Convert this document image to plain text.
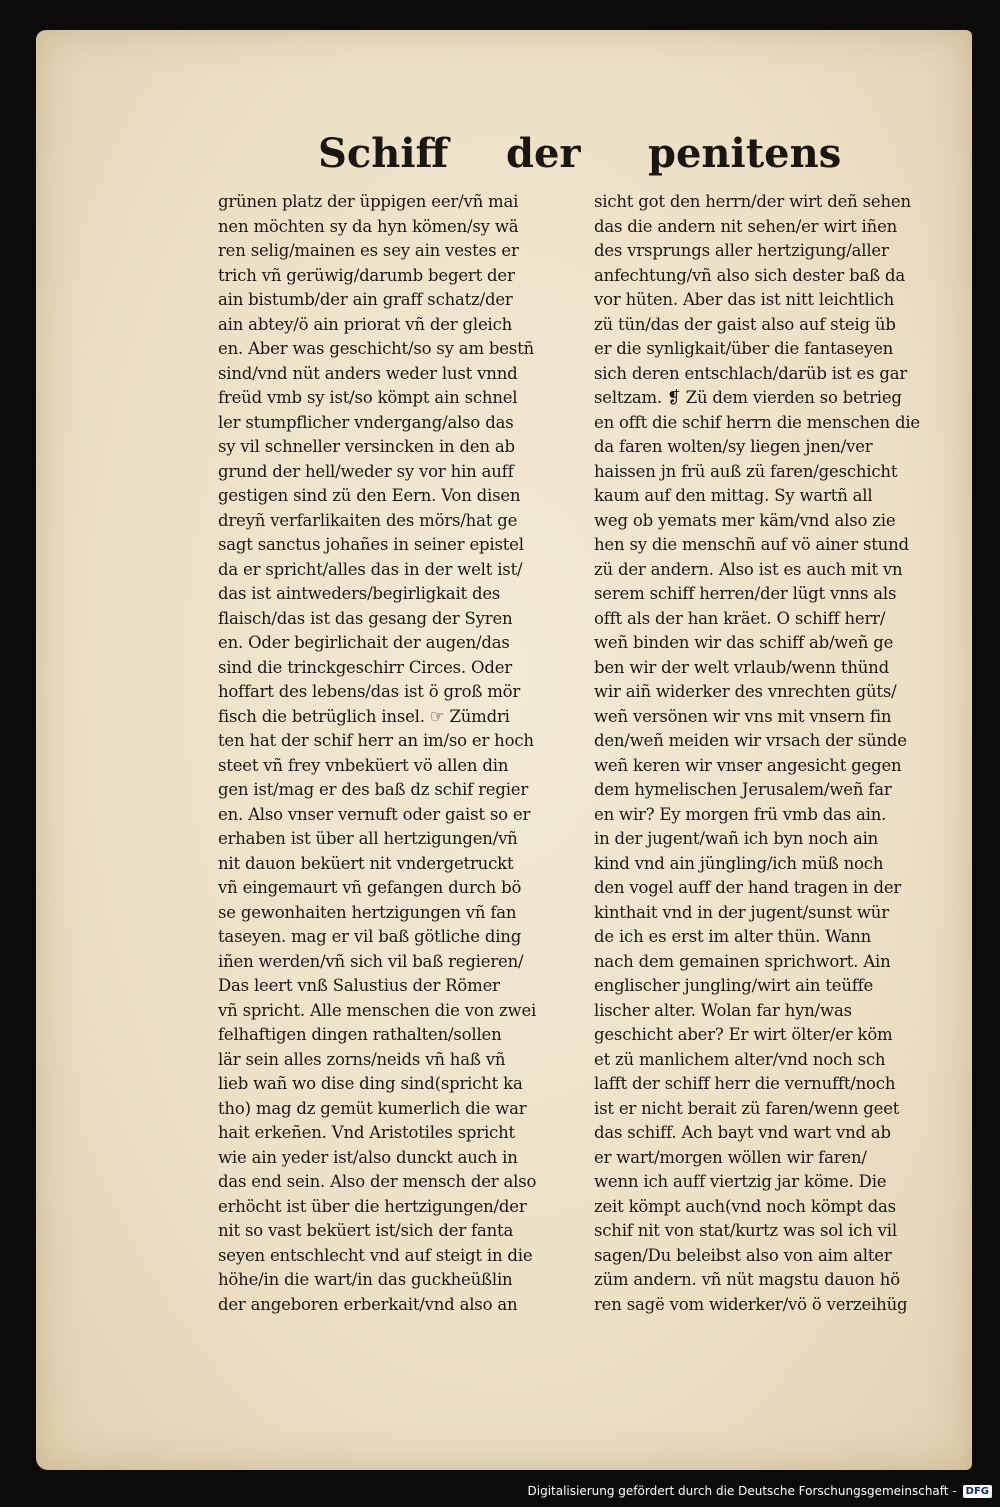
Schiff der penitens
grünen platz der üppigen eer/vñ mai
nen möchten sy da hyn kömen/sy wä
ren selig/mainen es sey ain vestes er
trich vñ gerüwig/darumb begert der
ain bistumb/der ain graff schatz/der
ain abtey/ö ain priorat vñ der gleich
en. Aber was geschicht/so sy am bestñ
sind/vnd nüt anders weder lust vnnd
freüd vmb sy ist/so kömpt ain schnel
ler stumpflicher vndergang/also das
sy vil schneller versincken in den ab
grund der hell/weder sy vor hin auff
gestigen sind zü den Eern. Von disen
dreyñ verfarlikaiten des mörs/hat ge
sagt sanctus johañes in seiner epistel
da er spricht/alles das in der welt ist/
das ist aintweders/begirligkait des
flaisch/das ist das gesang der Syren
en. Oder begirlichait der augen/das
sind die trinckgeschirr Circes. Oder
hoffart des lebens/das ist ö groß mör
fisch die betrüglich insel. ☞ Zümdri
ten hat der schif herr an im/so er hoch
steet vñ frey vnbeküert vö allen din
gen ist/mag er des baß dz schif regier
en. Also vnser vernuft oder gaist so er
erhaben ist über all hertzigungen/vñ
nit dauon beküert nit vndergetruckt
vñ eingemaurt vñ gefangen durch bö
se gewonhaiten hertzigungen vñ fan
taseyen. mag er vil baß götliche ding
iñen werden/vñ sich vil baß regieren/
Das leert vnß Salustius der Römer
vñ spricht. Alle menschen die von zwei
felhaftigen dingen rathalten/sollen
lär sein alles zorns/neids vñ haß vñ
lieb wañ wo dise ding sind(spricht ka
tho) mag dz gemüt kumerlich die war
hait erkeñen. Vnd Aristotiles spricht
wie ain yeder ist/also dunckt auch in
das end sein. Also der mensch der also
erhöcht ist über die hertzigungen/der
nit so vast beküert ist/sich der fanta
seyen entschlecht vnd auf steigt in die
höhe/in die wart/in das guckheüßlin
der angeboren erberkait/vnd also an
sicht got den herrn/der wirt deñ sehen
das die andern nit sehen/er wirt iñen
des vrsprungs aller hertzigung/aller
anfechtung/vñ also sich dester baß da
vor hüten. Aber das ist nitt leichtlich
zü tün/das der gaist also auf steig üb
er die synligkait/über die fantaseyen
sich deren entschlach/darüb ist es gar
seltzam. ❡ Zü dem vierden so betrieg
en offt die schif herrn die menschen die
da faren wolten/sy liegen jnen/ver
haissen jn frü auß zü faren/geschicht
kaum auf den mittag. Sy wartñ all
weg ob yemats mer käm/vnd also zie
hen sy die menschñ auf vö ainer stund
zü der andern. Also ist es auch mit vn
serem schiff herren/der lügt vnns als
offt als der han kräet. O schiff herr/
weñ binden wir das schiff ab/weñ ge
ben wir der welt vrlaub/wenn thünd
wir aiñ widerker des vnrechten güts/
weñ versönen wir vns mit vnsern fin
den/weñ meiden wir vrsach der sünde
weñ keren wir vnser angesicht gegen
dem hymelischen Jerusalem/weñ far
en wir? Ey morgen frü vmb das ain.
in der jugent/wañ ich byn noch ain
kind vnd ain jüngling/ich müß noch
den vogel auff der hand tragen in der
kinthait vnd in der jugent/sunst wür
de ich es erst im alter thün. Wann
nach dem gemainen sprichwort. Ain
englischer jungling/wirt ain teüffe
lischer alter. Wolan far hyn/was
geschicht aber? Er wirt ölter/er köm
et zü manlichem alter/vnd noch sch
lafft der schiff herr die vernufft/noch
ist er nicht berait zü faren/wenn geet
das schiff. Ach bayt vnd wart vnd ab
er wart/morgen wöllen wir faren/
wenn ich auff viertzig jar köme. Die
zeit kömpt auch(vnd noch kömpt das
schif nit von stat/kurtz was sol ich vil
sagen/Du beleibst also von aim alter
züm andern. vñ nüt magstu dauon hö
ren sagë vom widerker/vö ö verzeihüg
Digitalisierung gefördert durch die Deutsche Forschungsgemeinschaft - DFG
